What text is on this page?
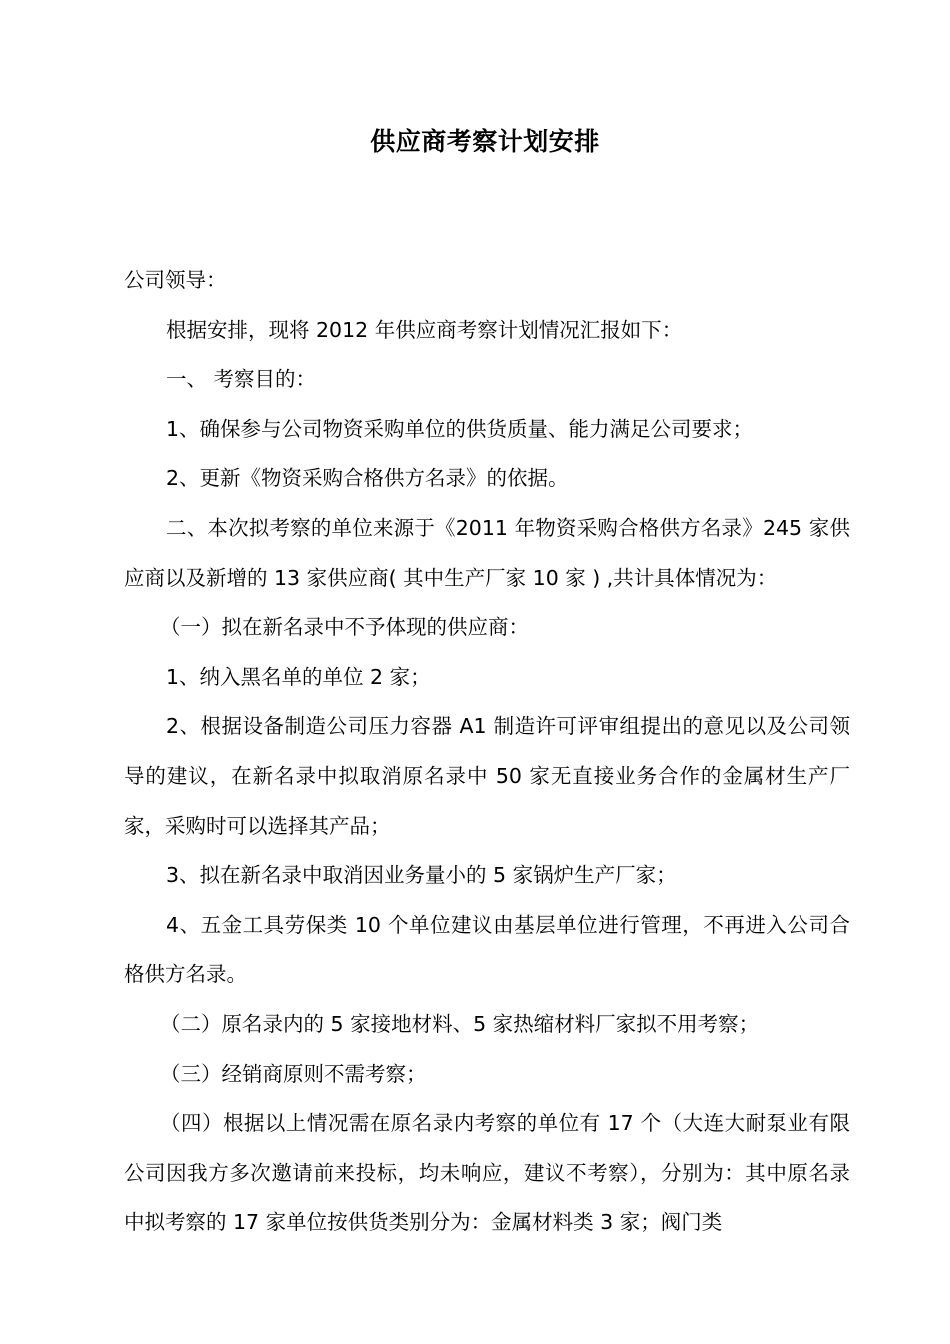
供应商考察计划安排

公司领导：

根据安排，现将 2012 年供应商考察计划情况汇报如下：

一、 考察目的：

1、确保参与公司物资采购单位的供货质量、能力满足公司要求；

2、更新《物资采购合格供方名录》的依据。

二、本次拟考察的单位来源于《2011 年物资采购合格供方名录》245 家供应商以及新增的 13 家供应商( 其中生产厂家 10 家 ) ,共计具体情况为：

（一）拟在新名录中不予体现的供应商：

1、纳入黑名单的单位 2 家；

2、根据设备制造公司压力容器 A1 制造许可评审组提出的意见以及公司领导的建议，在新名录中拟取消原名录中 50 家无直接业务合作的金属材生产厂家，采购时可以选择其产品；

3、拟在新名录中取消因业务量小的 5 家锅炉生产厂家；

4、五金工具劳保类 10 个单位建议由基层单位进行管理，不再进入公司合格供方名录。

（二）原名录内的 5 家接地材料、5 家热缩材料厂家拟不用考察；

（三）经销商原则不需考察；

（四）根据以上情况需在原名录内考察的单位有 17 个（大连大耐泵业有限公司因我方多次邀请前来投标，均未响应，建议不考察），分别为：其中原名录中拟考察的 17 家单位按供货类别分为：金属材料类 3 家；阀门类
